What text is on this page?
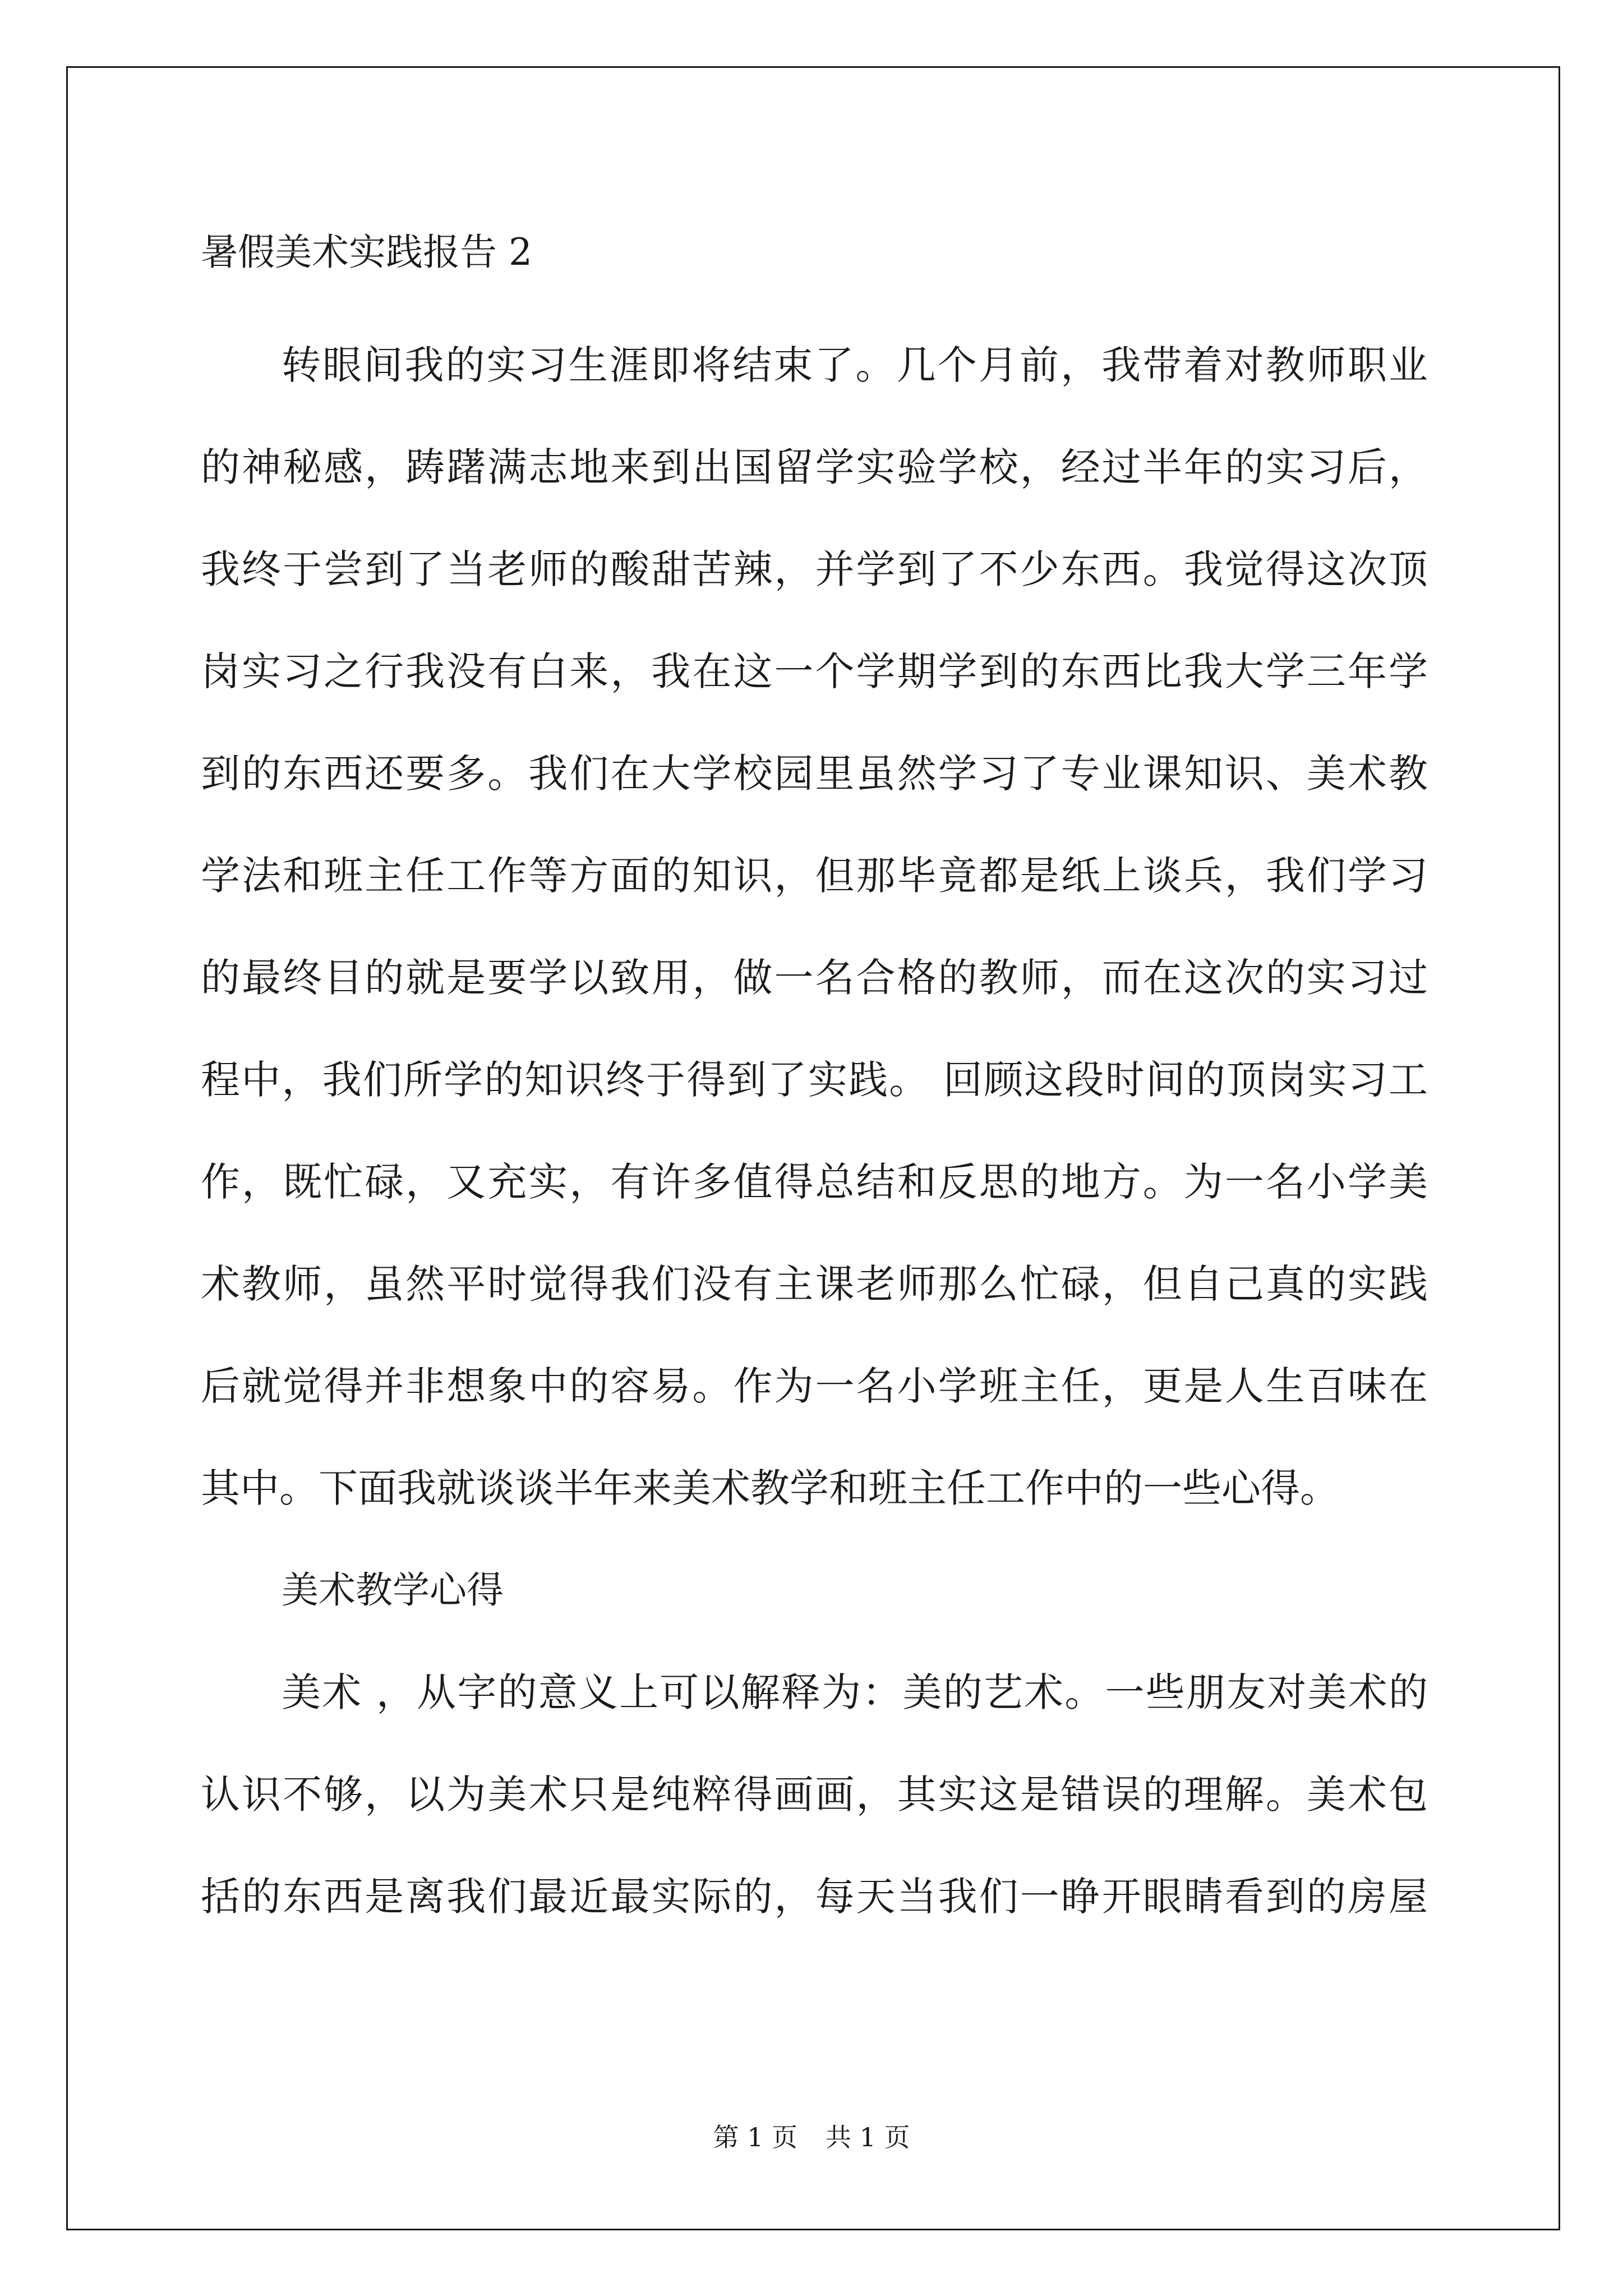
暑假美术实践报告 2
转眼间我的实习生涯即将结束了。几个月前，我带着对教师职业
的神秘感，踌躇满志地来到出国留学实验学校，经过半年的实习后，
我终于尝到了当老师的酸甜苦辣，并学到了不少东西。我觉得这次顶
岗实习之行我没有白来，我在这一个学期学到的东西比我大学三年学
到的东西还要多。我们在大学校园里虽然学习了专业课知识、美术教
学法和班主任工作等方面的知识，但那毕竟都是纸上谈兵，我们学习
的最终目的就是要学以致用，做一名合格的教师，而在这次的实习过
程中，我们所学的知识终于得到了实践。 回顾这段时间的顶岗实习工
作，既忙碌，又充实，有许多值得总结和反思的地方。为一名小学美
术教师，虽然平时觉得我们没有主课老师那么忙碌，但自己真的实践
后就觉得并非想象中的容易。作为一名小学班主任，更是人生百味在
其中。下面我就谈谈半年来美术教学和班主任工作中的一些心得。
美术教学心得
美术 ，从字的意义上可以解释为：美的艺术。一些朋友对美术的
认识不够，以为美术只是纯粹得画画，其实这是错误的理解。美术包
括的东西是离我们最近最实际的，每天当我们一睁开眼睛看到的房屋
第 1 页 共 1 页
